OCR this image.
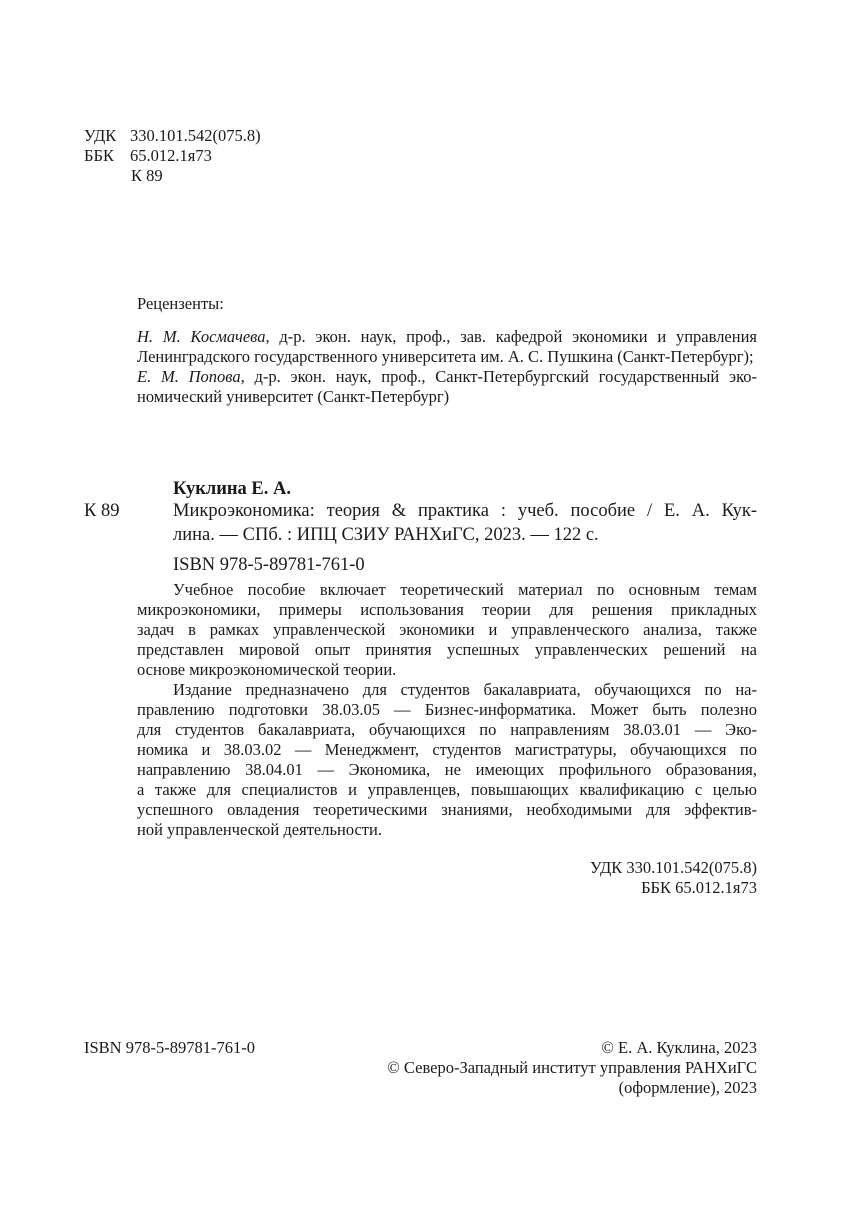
УДК 330.101.542(075.8)
ББК 65.012.1я73
К 89
Рецензенты:
Н. М. Космачева, д-р. экон. наук, проф., зав. кафедрой экономики и управления
Ленинградского государственного университета им. А. С. Пушкина (Санкт-Петербург);
Е. М. Попова, д-р. экон. наук, проф., Санкт-Петербургский государственный эко-
номический университет (Санкт-Петербург)
Куклина Е. А.
К 89	Микроэкономика: теория & практика : учеб. пособие / Е. А. Кук-
лина. — СПб. : ИПЦ СЗИУ РАНХиГС, 2023. — 122 с.
ISBN 978-5-89781-761-0
Учебное пособие включает теоретический материал по основным темам
микроэкономики, примеры использования теории для решения прикладных
задач в рамках управленческой экономики и управленческого анализа, также
представлен мировой опыт принятия успешных управленческих решений на
основе микроэкономической теории.
Издание предназначено для студентов бакалавриата, обучающихся по на-
правлению подготовки 38.03.05 — Бизнес-информатика. Может быть полезно
для студентов бакалавриата, обучающихся по направлениям 38.03.01 — Эко-
номика и 38.03.02 — Менеджмент, студентов магистратуры, обучающихся по
направлению 38.04.01 — Экономика, не имеющих профильного образования,
а также для специалистов и управленцев, повышающих квалификацию с целью
успешного овладения теоретическими знаниями, необходимыми для эффектив-
ной управленческой деятельности.
УДК 330.101.542(075.8)
ББК 65.012.1я73
ISBN 978-5-89781-761-0	© Е. А. Куклина, 2023
© Северо-Западный институт управления РАНХиГС
(оформление), 2023
